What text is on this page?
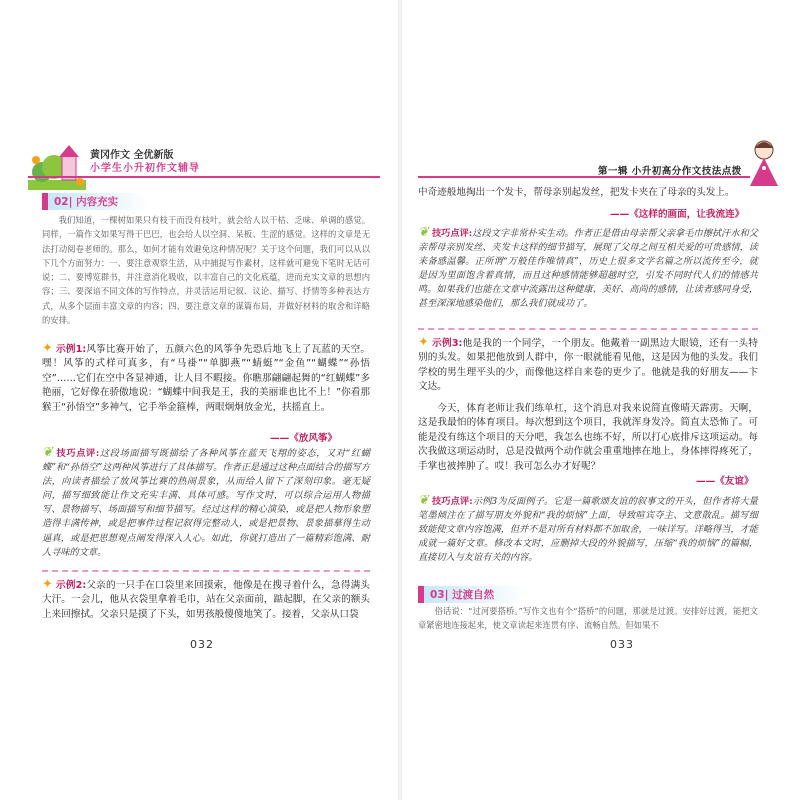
黄冈作文 全优新版
小学生小升初作文辅导
02| 内容充实

我们知道，一棵树如果只有枝干而没有枝叶，就会给人以干枯、乏味、单调的感觉。同样，一篇作文如果写得干巴巴，也会给人以空洞、呆板、生涩的感觉。这样的文章是无法打动阅卷老师的。那么，如何才能有效避免这种情况呢？关于这个问题，我们可以从以下几个方面努力：一、要注意观察生活，从中捕捉写作素材，这样就可避免下笔时无话可说；二、要博览群书，并注意消化吸收，以丰富自己的文化底蕴，进而充实文章的思想内容；三、要深谙不同文体的写作特点，并灵活运用记叙、议论、描写、抒情等多种表达方式，从多个层面丰富文章的内容；四、要注意文章的谋篇布局，并做好材料的取舍和详略的安排。

✦ 示例1:风筝比赛开始了，五颜六色的风筝争先恐后地飞上了瓦蓝的天空。嘿！风筝的式样可真多，有“马褂”“单脚燕”“蜻蜓”“金鱼”“蝴蝶”“孙悟空”……它们在空中各显神通，让人目不暇接。你瞧那翩翩起舞的“红蝴蝶”多艳丽，它好像在骄傲地说：“蝴蝶中间我是王，我的美丽谁也比不上！”你看那猴王“孙悟空”多神气，它手举金箍棒，两眼炯炯放金光，扶摇直上。
——《放风筝》
❦ 技巧点评:这段场面描写既描绘了各种风筝在蓝天飞翔的姿态，又对“红蝴蝶”和“孙悟空”这两种风筝进行了具体描写。作者正是通过这种点面结合的描写方法，向读者描绘了放风筝比赛的热闹景象，从而给人留下了深刻印象。毫无疑问，描写细致能让作文充实丰满、具体可感。写作文时，可以综合运用人物描写、景物描写、场面描写和细节描写。经过这样的精心演染，或是把人物形象塑造得丰满传神，或是把事件过程记叙得完整动人，或是把景物、景象描摹得生动逼真，或是把思想观点阐发得深入人心。如此，你就打造出了一篇精彩饱满、耐人寻味的文章。
✦ 示例2:父亲的一只手在口袋里来回摸索，他像是在搜寻着什么，急得满头大汗。一会儿，他从衣袋里拿着毛巾，站在父亲面前，踮起脚，在父亲的额头上来回擦拭。父亲只是摸了下头，如男孩般傻傻地笑了。接着，父亲从口袋
032
第一辑 小升初高分作文技法点拨

中奇迹般地掏出一个发卡，帮母亲别起发丝，把发卡夹在了母亲的头发上。

——《这样的画面，让我流连》
❦ 技巧点评:这段文字非常朴实生动。作者正是借由母亲帮父亲拿毛巾擦拭汗水和父亲帮母亲别发丝、夹发卡这样的细节描写，展现了父母之间互相关爱的可贵感情，读来备感温馨。正所谓“万般佳作唯情真”，历史上很多文学名篇之所以流传至今，就是因为里面饱含着真情，而且这种感情能够超越时空，引发不同时代人们的情感共鸣。如果我们也能在文章中流露出这种健康、美好、高尚的感情，让读者感同身受，甚至深深地感染他们，那么我们就成功了。
✦ 示例3:他是我的一个同学，一个朋友。他戴着一副黑边大眼镜，还有一头特别的头发。如果把他放到人群中，你一眼就能看见他，这是因为他的头发。我们学校的男生理平头的少，而像他这样自来卷的更少了。他就是我的好朋友——卞文达。

今天，体育老师让我们练单杠，这个消息对我来说简直像晴天霹雳。天啊，这是我最怕的体育项目。每次想到这个项目，我就浑身发冷。简直太恐怖了。可能是没有练这个项目的天分吧，我怎么也练不好，所以打心底排斥这项运动。每次我做这项运动时，总是没做两个动作就会重重地摔在地上，身体摔得疼死了，手掌也被摔肿了。哎！我可怎么办才好呢？

——《友谊》
❦ 技巧点评:示例3为反面例子。它是一篇歌颂友谊的叙事文的开头，但作者将大量笔墨倾注在了描写朋友外貌和“我的烦恼”上面，导致喧宾夺主、文意散乱。描写细致能使文章内容饱满，但并不是对所有材料都不加取舍，一味详写。详略得当，才能成就一篇好文章。修改本文时，应删掉大段的外貌描写，压缩“我的烦恼”的篇幅，直接切入与友谊有关的内容。
03| 过渡自然

俗话说：“过河要搭桥。”写作文也有个“搭桥”的问题，那就是过渡。安排好过渡，能把文章紧密地连接起来，使文章读起来连贯有序、流畅自然。但如果不

033
